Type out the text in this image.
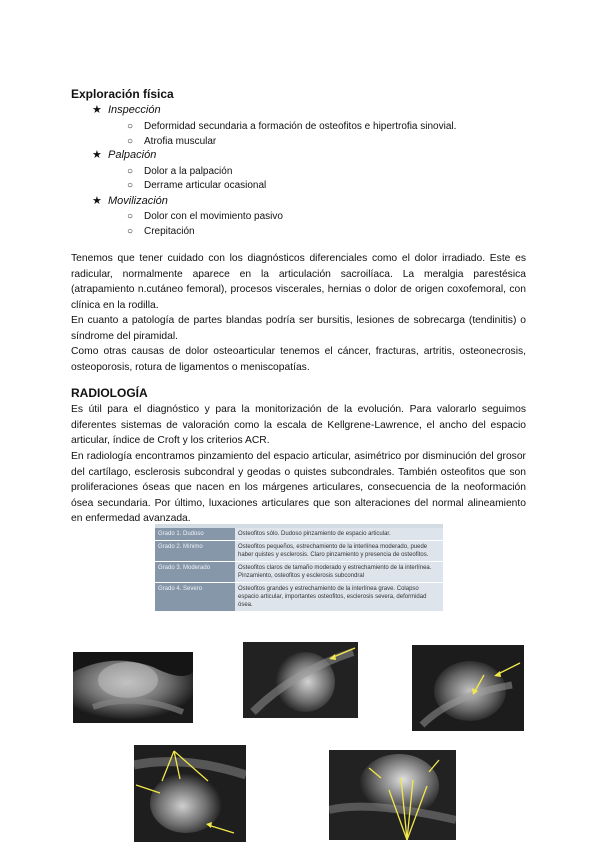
Exploración física
★ Inspección
○ Deformidad secundaria a formación de osteofitos e hipertrofia sinovial.
○ Atrofia muscular
★ Palpación
○ Dolor a la palpación
○ Derrame articular ocasional
★ Movilización
○ Dolor con el movimiento pasivo
○ Crepitación

Tenemos que tener cuidado con los diagnósticos diferenciales como el dolor irradiado. Este es radicular, normalmente aparece en la articulación sacroilíaca. La meralgia parestésica (atrapamiento n.cutáneo femoral), procesos viscerales, hernias o dolor de origen coxofemoral, con clínica en la rodilla.

En cuanto a patología de partes blandas podría ser bursitis, lesiones de sobrecarga (tendinitis) o síndrome del piramidal.

Como otras causas de dolor osteoarticular tenemos el cáncer, fracturas, artritis, osteonecrosis, osteoporosis, rotura de ligamentos o meniscopatías.

RADIOLOGÍA

Es útil para el diagnóstico y para la monitorización de la evolución. Para valorarlo seguimos diferentes sistemas de valoración como la escala de Kellgrene-Lawrence, el ancho del espacio articular, índice de Croft y los criterios ACR.

En radiología encontramos pinzamiento del espacio articular, asimétrico por disminución del grosor del cartílago, esclerosis subcondral y geodas o quistes subcondrales. También osteofitos que son proliferaciones óseas que nacen en los márgenes articulares, consecuencia de la neoformación ósea secundaria. Por último, luxaciones articulares que son alteraciones del normal alineamiento en enfermedad avanzada.

Grado 1. Dudoso	Osteofitos sólo. Dudoso pinzamiento de espacio articular.
Grado 2. Mínimo	Osteofitos pequeños, estrechamiento de la interlínea moderado, puede haber quistes y esclerosis. Claro pinzamiento y presencia de osteofitos.
Grado 3. Moderado	Osteofitos claros de tamaño moderado y estrechamiento de la interlínea. Pinzamiento, osteofitos y esclerosis subcondral
Grado 4. Severo	Osteofitos grandes y estrechamiento de la interlínea grave. Colapso espacio articular, importantes osteofitos, esclerosis severa, deformidad ósea.
